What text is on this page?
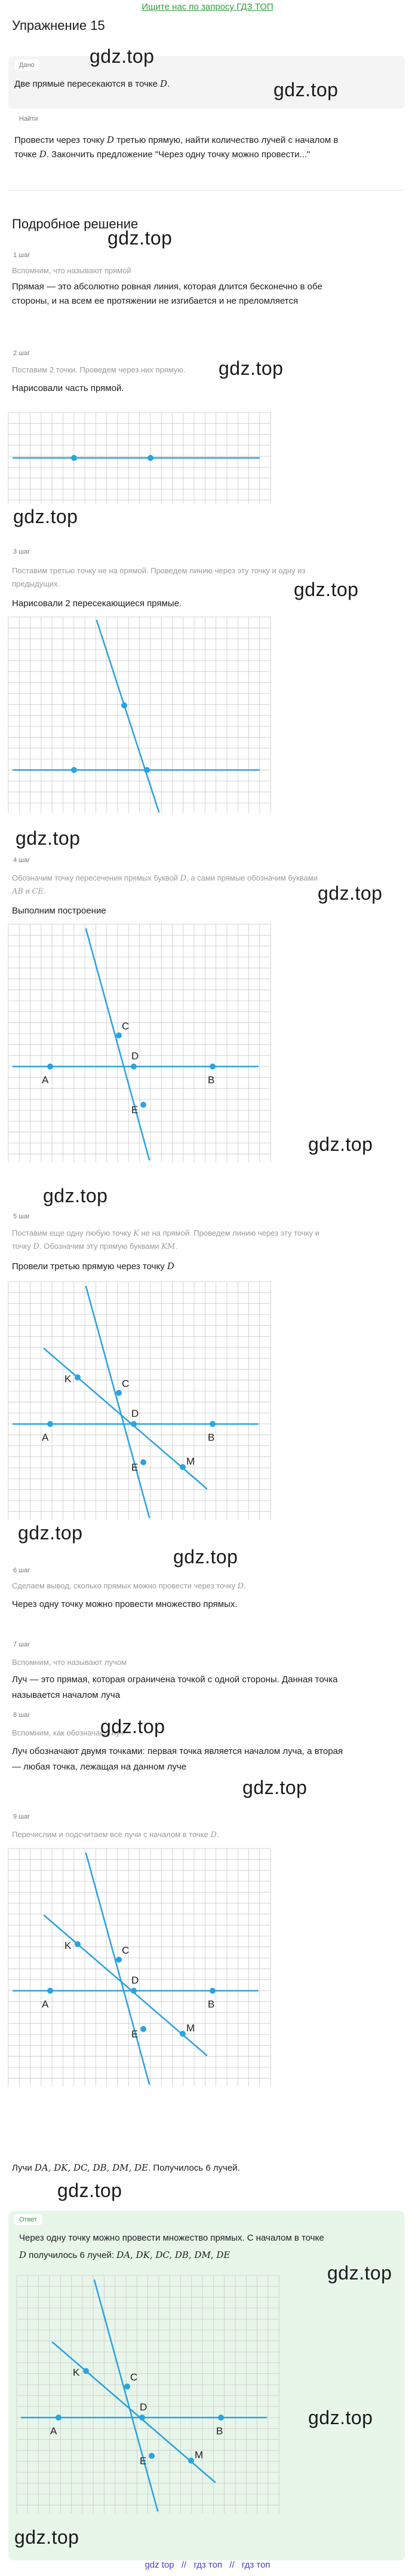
Ищите нас по запросу ГДЗ ТОП
Упражнение 15
Дано
Две прямые пересекаются в точке D.
Найти
Провести через точку D третью прямую, найти количество лучей с началом в
точке D. Закончить предложение "Через одну точку можно провести..."
Подробное решение
1 шаг
Вспомним, что называют прямой
Прямая — это абсолютно ровная линия, которая длится бесконечно в обе
стороны, и на всем ее протяжении не изгибается и не преломляется
2 шаг
Поставим 2 точки. Проведем через них прямую.
Нарисовали часть прямой.
3 шаг
Поставим третью точку не на прямой. Проведем линию через эту точку и одну из
предыдущих.
Нарисовали 2 пересекающиеся прямые.
4 шаг
Обозначим точку пересечения прямых буквой D, а сами прямые обозначим буквами
AB и CE.
Выполним построение
A	B
C
D
E
5 шаг
Поставим еще одну любую точку K не на прямой. Проведем линию через эту точку и
точку D. Обозначим эту прямую буквами KM.
Провели третью прямую через точку D
A	B
C
D
E
K
M
6 шаг
Сделаем вывод, сколько прямых можно провести через точку D.
Через одну точку можно провести множество прямых.
7 шаг
Вспомним, что называют лучом
Луч — это прямая, которая ограничена точкой с одной стороны. Данная точка
называется началом луча
8 шаг
Вспомним, как обозначают луч
Луч обозначают двумя точками: первая точка является началом луча, а вторая
— любая точка, лежащая на данном луче
9 шаг
Перечислим и подсчитаем все лучи с началом в точке D.
A	B
C
D
E
K
M
Лучи DA, DK, DC, DB, DM, DE. Получилось 6 лучей.
Ответ
Через одну точку можно провести множество прямых. С началом в точке
D получилось 6 лучей: DA, DK, DC, DB, DM, DE
A	B
C
D
E
K
M
gdz.top
gdz.top
gdz.top
gdz.top
gdz.top
gdz.top
gdz.top
gdz.top
gdz.top
gdz.top
gdz.top
gdz.top
gdz.top
gdz.top
gdz.top
gdz.top
gdz.top
gdz.top
gdz top // гдз топ // гдз топ
